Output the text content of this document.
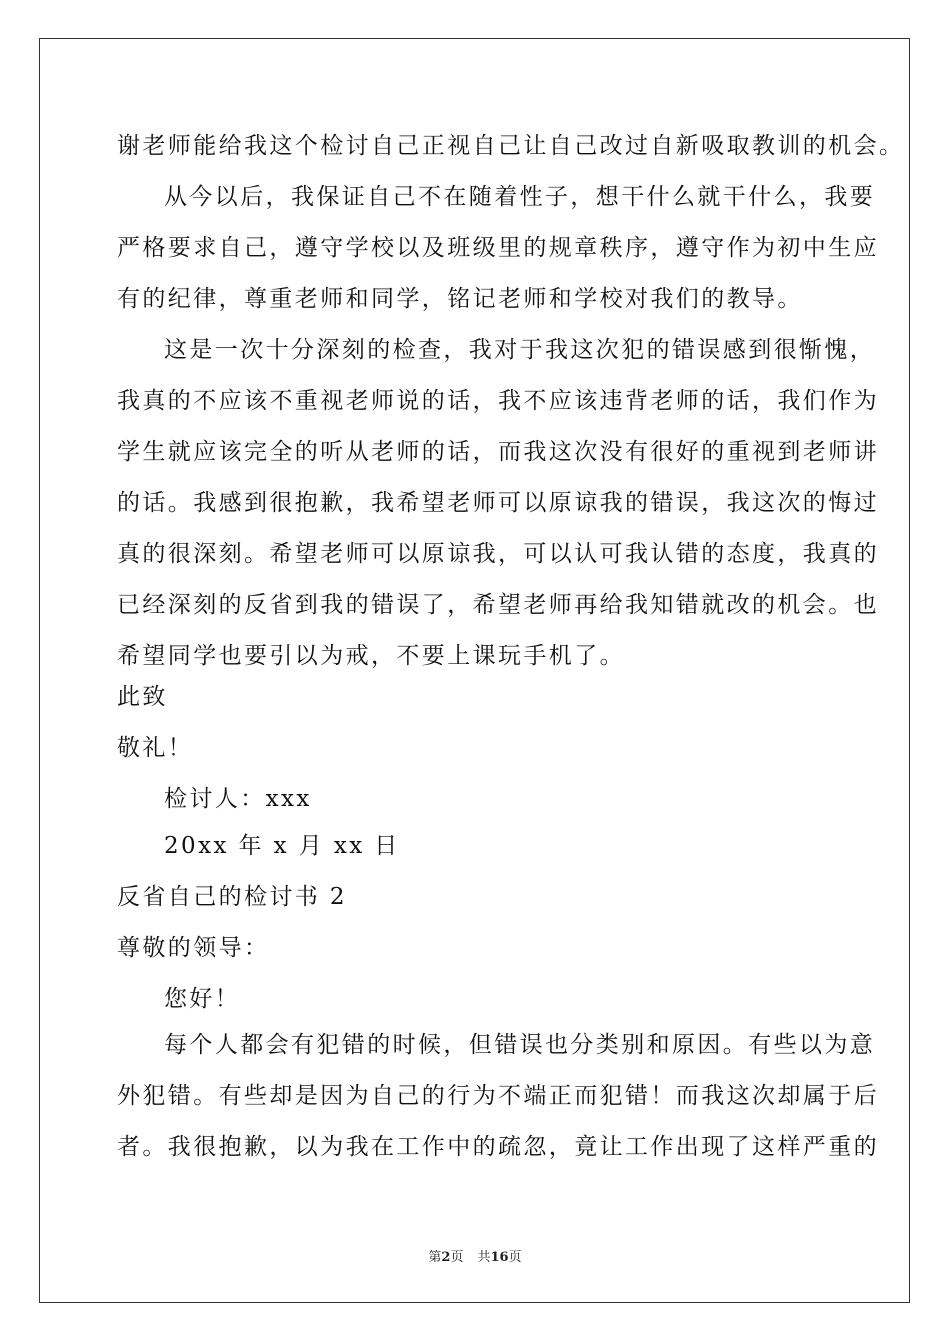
谢老师能给我这个检讨自己正视自己让自己改过自新吸取教训的机会。
从今以后，我保证自己不在随着性子，想干什么就干什么，我要
严格要求自己，遵守学校以及班级里的规章秩序，遵守作为初中生应
有的纪律，尊重老师和同学，铭记老师和学校对我们的教导。
这是一次十分深刻的检查，我对于我这次犯的错误感到很惭愧，
我真的不应该不重视老师说的话，我不应该违背老师的话，我们作为
学生就应该完全的听从老师的话，而我这次没有很好的重视到老师讲
的话。我感到很抱歉，我希望老师可以原谅我的错误，我这次的悔过
真的很深刻。希望老师可以原谅我，可以认可我认错的态度，我真的
已经深刻的反省到我的错误了，希望老师再给我知错就改的机会。也
希望同学也要引以为戒，不要上课玩手机了。
此致
敬礼！
检讨人：xxx
20xx 年 x 月 xx 日
反省自己的检讨书 2
尊敬的领导：
您好！
每个人都会有犯错的时候，但错误也分类别和原因。有些以为意
外犯错。有些却是因为自己的行为不端正而犯错！而我这次却属于后
者。我很抱歉，以为我在工作中的疏忽，竟让工作出现了这样严重的
第2页 共16页
